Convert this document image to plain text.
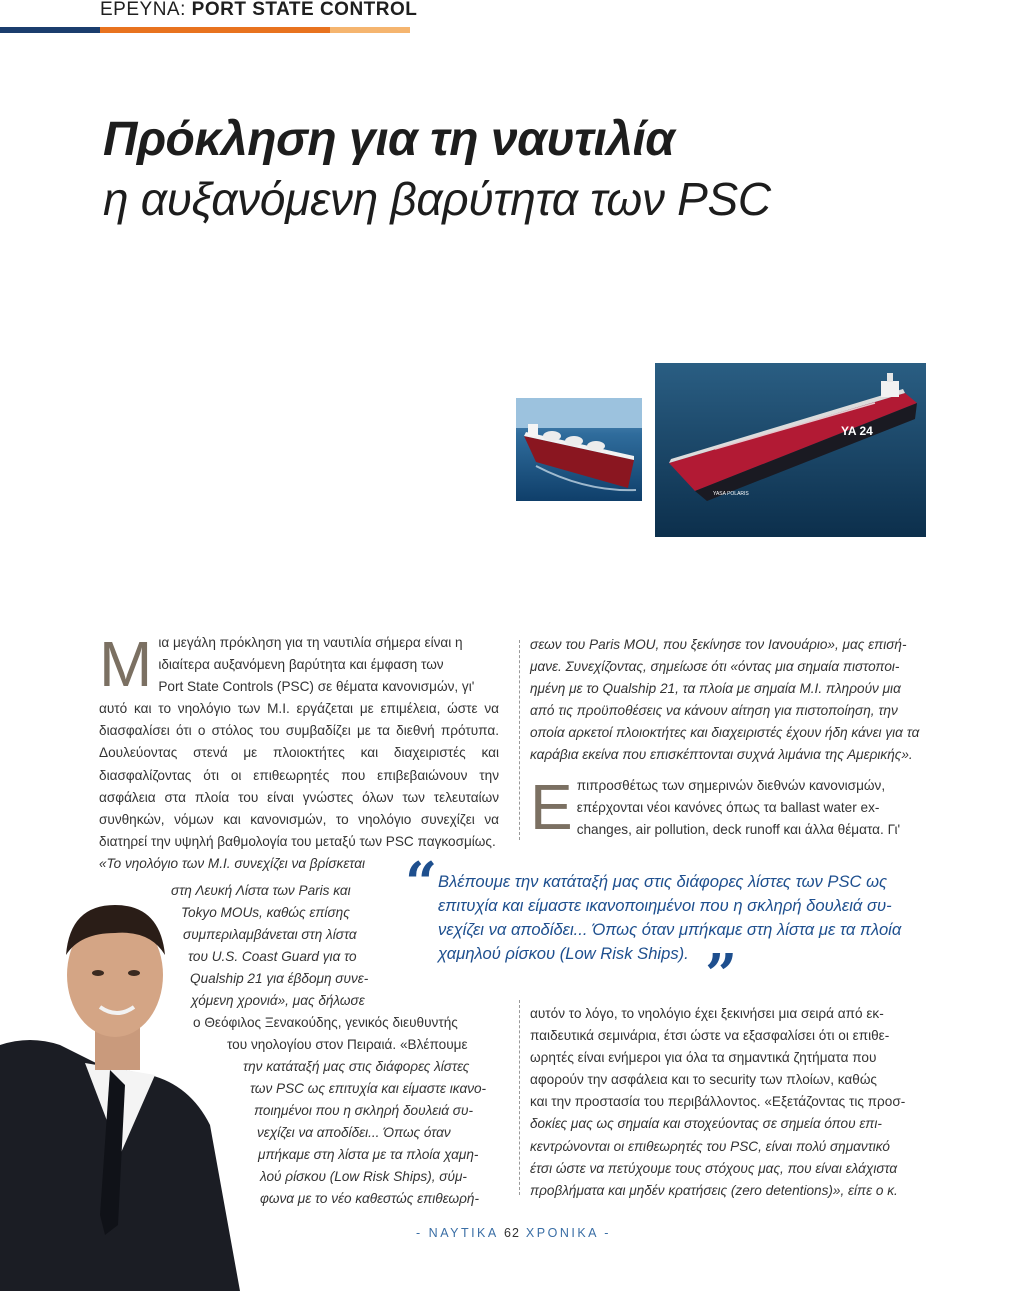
ΕΡΕΥΝΑ: PORT STATE CONTROL
Πρόκληση για τη ναυτιλία
η αυξανόμενη βαρύτητα των PSC
YA 24
YASA POLARIS
Μ ια μεγάλη πρόκληση για τη ναυτιλία σήμερα είναι η
ιδιαίτερα αυξανόμενη βαρύτητα και έμφαση των
Port State Controls (PSC) σε θέματα κανονισμών, γι'
αυτό και το νηολόγιο των Μ.Ι. εργάζεται με επιμέλεια, ώστε να διασφαλίσει ότι ο στόλος του συμβαδίζει με τα διεθνή πρότυπα. Δουλεύοντας στενά με πλοιοκτήτες και διαχειριστές και διασφαλίζοντας ότι οι επιθεωρητές που επιβεβαιώνουν την ασφάλεια στα πλοία του είναι γνώστες όλων των τελευταίων συνθηκών, νόμων και κανονισμών, το νηολόγιο συνεχίζει να διατηρεί την υψηλή βαθμολογία του μεταξύ των PSC παγκοσμίως.
«Το νηολόγιο των Μ.Ι. συνεχίζει να βρίσκεται
στη Λευκή Λίστα των Paris και
Tokyo MOUs, καθώς επίσης
συμπεριλαμβάνεται στη λίστα
του U.S. Coast Guard για το
Qualship 21 για έβδομη συνε-
χόμενη χρονιά», μας δήλωσε
ο Θεόφιλος Ξενακούδης, γενικός διευθυντής
του νηολογίου στον Πειραιά. «Βλέπουμε
την κατάταξή μας στις διάφορες λίστες
των PSC ως επιτυχία και είμαστε ικανο-
ποιημένοι που η σκληρή δουλειά συ-
νεχίζει να αποδίδει... Όπως όταν
μπήκαμε στη λίστα με τα πλοία χαμη-
λού ρίσκου (Low Risk Ships), σύμ-
φωνα με το νέο καθεστώς επιθεωρή-
σεων του Paris MOU, που ξεκίνησε τον Ιανουάριο», μας επισή-
μανε. Συνεχίζοντας, σημείωσε ότι «όντας μια σημαία πιστοποι-
ημένη με το Qualship 21, τα πλοία με σημαία Μ.Ι. πληρούν μια
από τις προϋποθέσεις να κάνουν αίτηση για πιστοποίηση, την
οποία αρκετοί πλοιοκτήτες και διαχειριστές έχουν ήδη κάνει για τα
καράβια εκείνα που επισκέπτονται συχνά λιμάνια της Αμερικής».
Ε πιπροσθέτως των σημερινών διεθνών κανονισμών,
επέρχονται νέοι κανόνες όπως τα ballast water ex-
changes, air pollution, deck runoff και άλλα θέματα. Γι'
“ Βλέπουμε την κατάταξή μας στις διάφορες λίστες των PSC ως
επιτυχία και είμαστε ικανοποιημένοι που η σκληρή δουλειά συ-
νεχίζει να αποδίδει... Όπως όταν μπήκαμε στη λίστα με τα πλοία
χαμηλού ρίσκου (Low Risk Ships). ”
αυτόν το λόγο, το νηολόγιο έχει ξεκινήσει μια σειρά από εκ-
παιδευτικά σεμινάρια, έτσι ώστε να εξασφαλίσει ότι οι επιθε-
ωρητές είναι ενήμεροι για όλα τα σημαντικά ζητήματα που
αφορούν την ασφάλεια και το security των πλοίων, καθώς
και την προστασία του περιβάλλοντος. «Εξετάζοντας τις προσ-
δοκίες μας ως σημαία και στοχεύοντας σε σημεία όπου επι-
κεντρώνονται οι επιθεωρητές του PSC, είναι πολύ σημαντικό
έτσι ώστε να πετύχουμε τους στόχους μας, που είναι ελάχιστα
προβλήματα και μηδέν κρατήσεις (zero detentions)», είπε ο κ.
- ΝΑΥΤΙΚΑ 62 ΧΡΟΝΙΚΑ -
